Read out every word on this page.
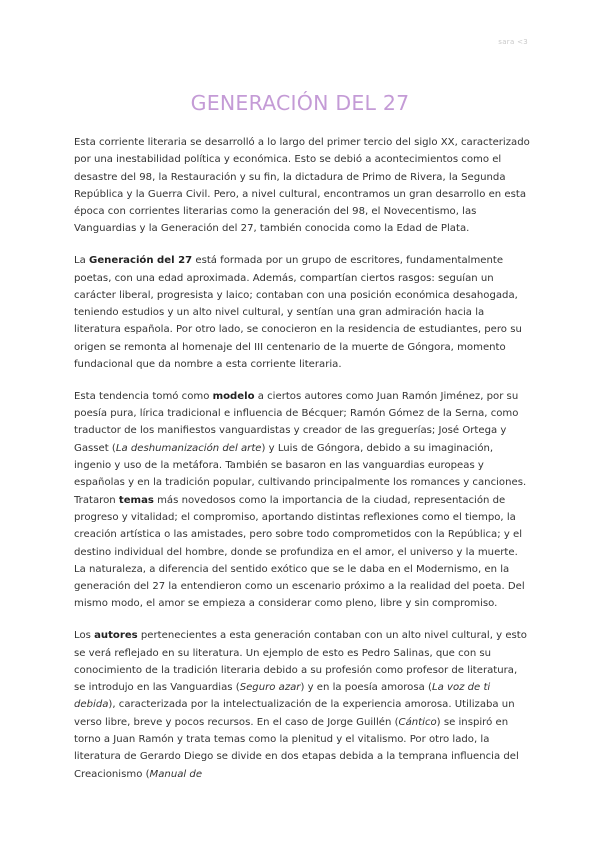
sara <3
GENERACIÓN DEL 27

Esta corriente literaria se desarrolló a lo largo del primer tercio del siglo XX, caracterizado por una inestabilidad política y económica. Esto se debió a acontecimientos como el desastre del 98, la Restauración y su fin, la dictadura de Primo de Rivera, la Segunda República y la Guerra Civil. Pero, a nivel cultural, encontramos un gran desarrollo en esta época con corrientes literarias como la generación del 98, el Novecentismo, las Vanguardias y la Generación del 27, también conocida como la Edad de Plata.

La Generación del 27 está formada por un grupo de escritores, fundamentalmente poetas, con una edad aproximada. Además, compartían ciertos rasgos: seguían un carácter liberal, progresista y laico; contaban con una posición económica desahogada, teniendo estudios y un alto nivel cultural, y sentían una gran admiración hacia la literatura española. Por otro lado, se conocieron en la residencia de estudiantes, pero su origen se remonta al homenaje del III centenario de la muerte de Góngora, momento fundacional que da nombre a esta corriente literaria.

Esta tendencia tomó como modelo a ciertos autores como Juan Ramón Jiménez, por su poesía pura, lírica tradicional e influencia de Bécquer; Ramón Gómez de la Serna, como traductor de los manifiestos vanguardistas y creador de las greguerías; José Ortega y Gasset (La deshumanización del arte) y Luis de Góngora, debido a su imaginación, ingenio y uso de la metáfora. También se basaron en las vanguardias europeas y españolas y en la tradición popular, cultivando principalmente los romances y canciones. Trataron temas más novedosos como la importancia de la ciudad, representación de progreso y vitalidad; el compromiso, aportando distintas reflexiones como el tiempo, la creación artística o las amistades, pero sobre todo comprometidos con la República; y el destino individual del hombre, donde se profundiza en el amor, el universo y la muerte. La naturaleza, a diferencia del sentido exótico que se le daba en el Modernismo, en la generación del 27 la entendieron como un escenario próximo a la realidad del poeta. Del mismo modo, el amor se empieza a considerar como pleno, libre y sin compromiso.

Los autores pertenecientes a esta generación contaban con un alto nivel cultural, y esto se verá reflejado en su literatura. Un ejemplo de esto es Pedro Salinas, que con su conocimiento de la tradición literaria debido a su profesión como profesor de literatura, se introdujo en las Vanguardias (Seguro azar) y en la poesía amorosa (La voz de ti debida), caracterizada por la intelectualización de la experiencia amorosa. Utilizaba un verso libre, breve y pocos recursos. En el caso de Jorge Guillén (Cántico) se inspiró en torno a Juan Ramón y trata temas como la plenitud y el vitalismo. Por otro lado, la literatura de Gerardo Diego se divide en dos etapas debida a la temprana influencia del Creacionismo (Manual de
